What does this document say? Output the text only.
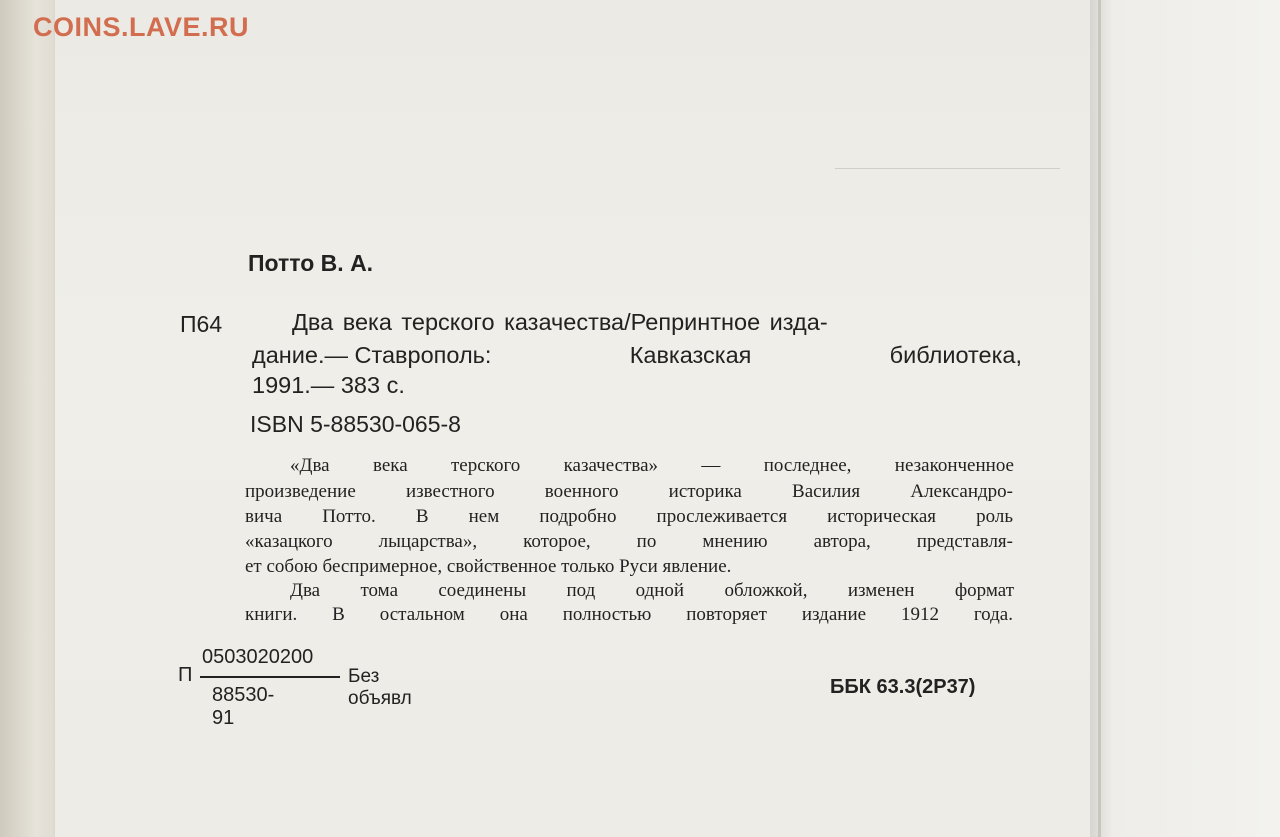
COINS.LAVE.RU
Потто В. А.
П64	Два века терского казачества/Репринтное изда-
дание.— Ставрополь:	Кавказская	библиотека,
1991.— 383 с.
ISBN 5-88530-065-8
«Два века терского казачества» — последнее, незаконченное
произведение известного военного историка Василия Александро-
вича Потто. В нем подробно прослеживается историческая роль
«казацкого лыцарства», которое, по мнению автора, представля-
ет собою беспримерное, свойственное только Руси явление.
Два тома соединены под одной обложкой, изменен формат
книги. В остальном она полностью повторяет издание 1912 года.
П
0503020200
88530-91
Без объявл
ББК 63.3(2Р37)
